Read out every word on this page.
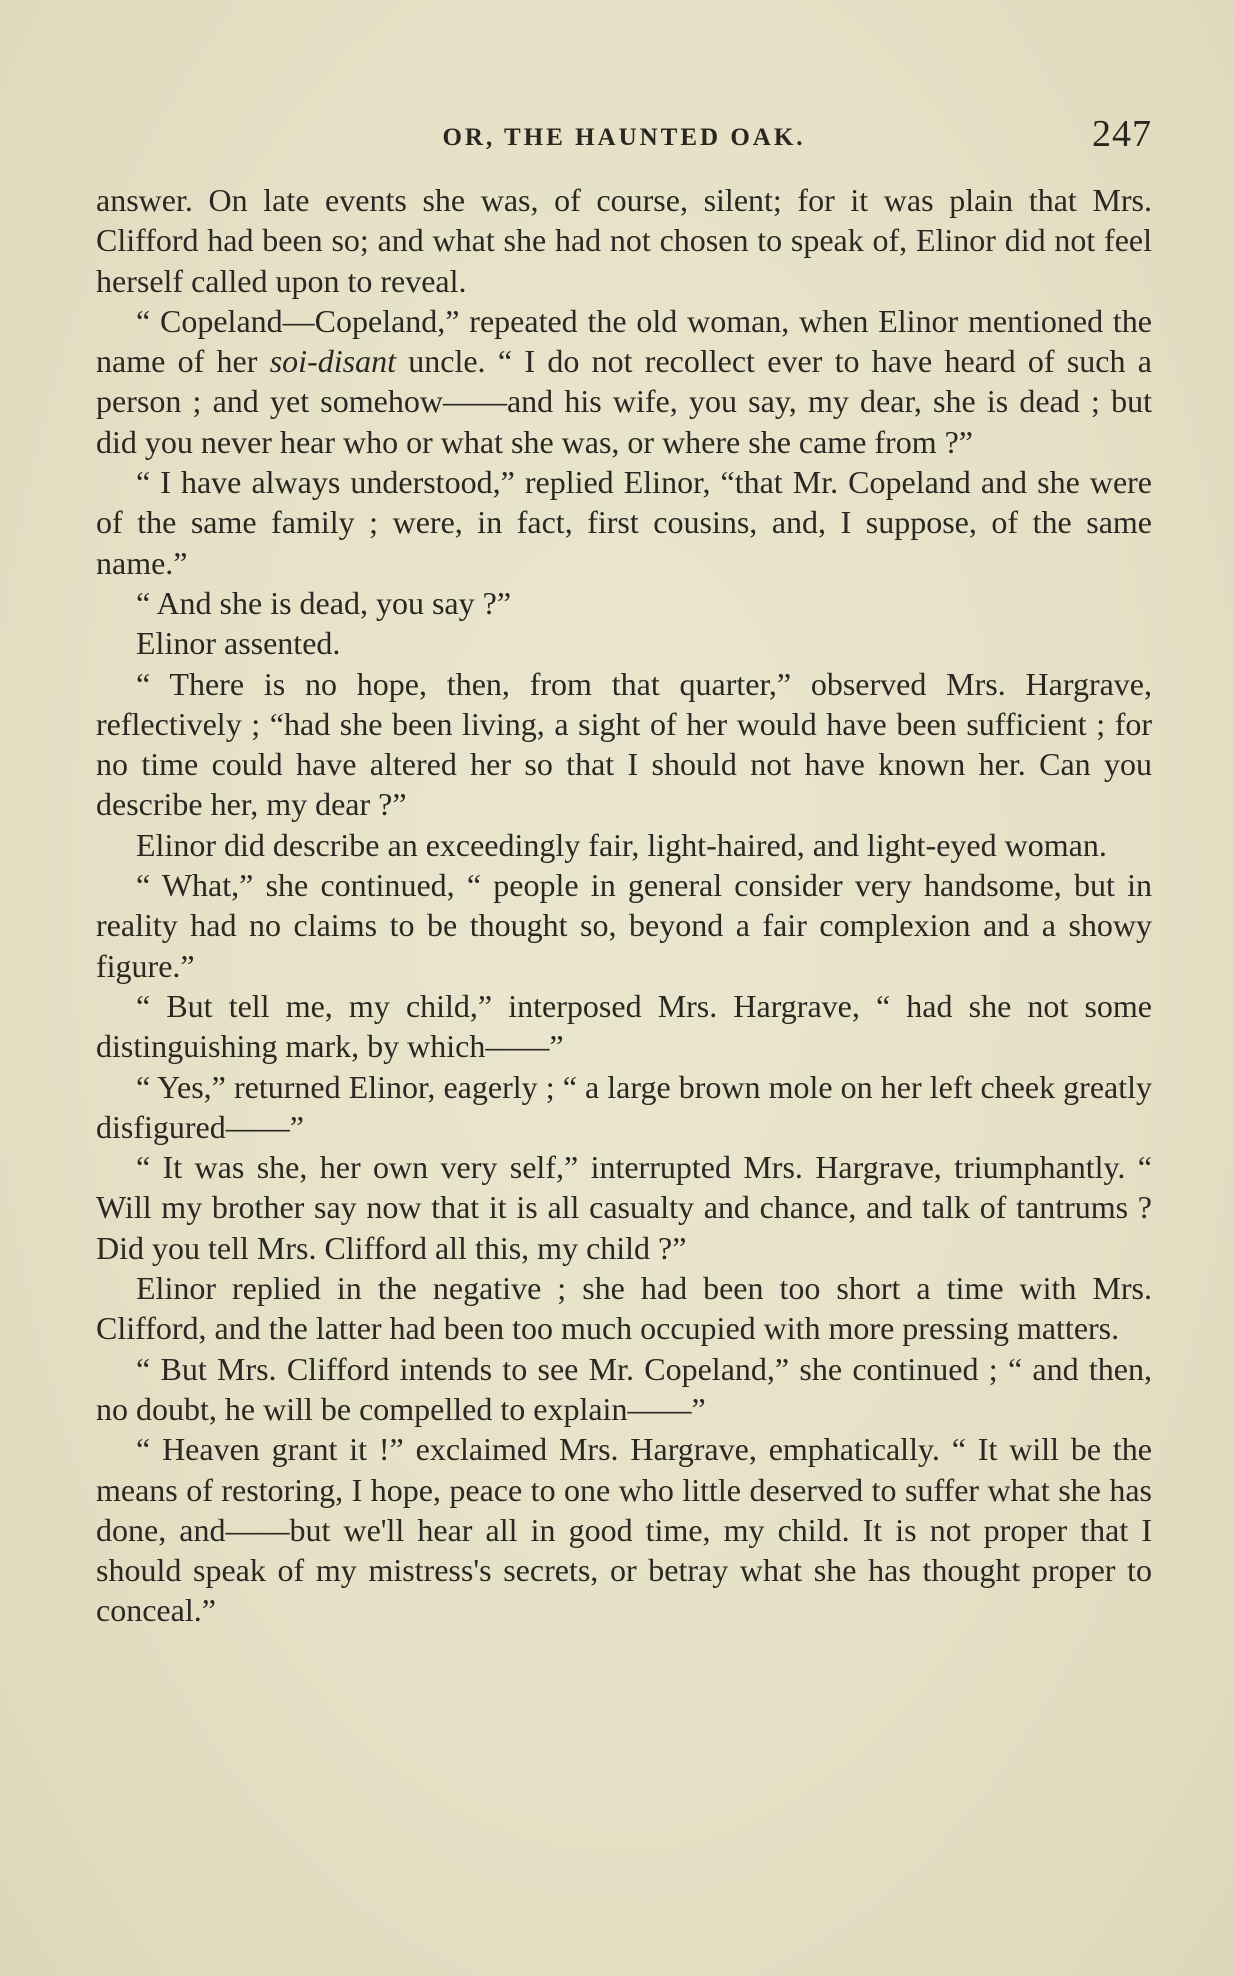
OR, THE HAUNTED OAK.	247

answer. On late events she was, of course, silent; for it was plain that Mrs. Clifford had been so; and what she had not chosen to speak of, Elinor did not feel herself called upon to reveal.

“ Copeland—Copeland,” repeated the old woman, when Elinor mentioned the name of her soi-disant uncle. “ I do not recollect ever to have heard of such a person ; and yet somehow——and his wife, you say, my dear, she is dead ; but did you never hear who or what she was, or where she came from ?”

“ I have always understood,” replied Elinor, “that Mr. Copeland and she were of the same family ; were, in fact, first cousins, and, I suppose, of the same name.”

“ And she is dead, you say ?”

Elinor assented.

“ There is no hope, then, from that quarter,” observed Mrs. Hargrave, reflectively ; “had she been living, a sight of her would have been sufficient ; for no time could have altered her so that I should not have known her. Can you describe her, my dear ?”

Elinor did describe an exceedingly fair, light-haired, and light-eyed woman.

“ What,” she continued, “ people in general consider very handsome, but in reality had no claims to be thought so, beyond a fair complexion and a showy figure.”

“ But tell me, my child,” interposed Mrs. Hargrave, “ had she not some distinguishing mark, by which——”

“ Yes,” returned Elinor, eagerly ; “ a large brown mole on her left cheek greatly disfigured——”

“ It was she, her own very self,” interrupted Mrs. Hargrave, triumphantly. “ Will my brother say now that it is all casualty and chance, and talk of tantrums ? Did you tell Mrs. Clifford all this, my child ?”

Elinor replied in the negative ; she had been too short a time with Mrs. Clifford, and the latter had been too much occupied with more pressing matters.

“ But Mrs. Clifford intends to see Mr. Copeland,” she continued ; “ and then, no doubt, he will be compelled to explain——”

“ Heaven grant it !” exclaimed Mrs. Hargrave, emphatically. “ It will be the means of restoring, I hope, peace to one who little deserved to suffer what she has done, and——but we'll hear all in good time, my child. It is not proper that I should speak of my mistress's secrets, or betray what she has thought proper to conceal.”
